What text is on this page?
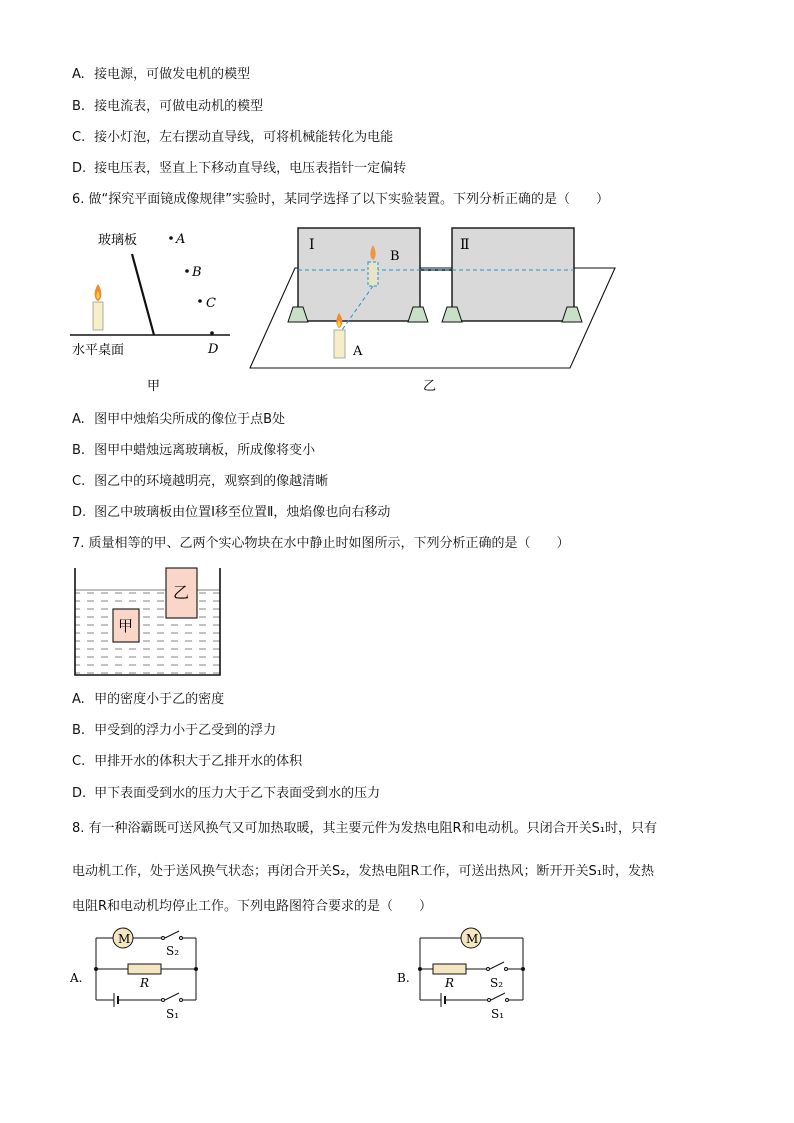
A. 接电源，可做发电机的模型
B. 接电流表，可做电动机的模型
C. 接小灯泡，左右摆动直导线，可将机械能转化为电能
D. 接电压表，竖直上下移动直导线，电压表指针一定偏转
6. 做“探究平面镜成像规律”实验时，某同学选择了以下实验装置。下列分析正确的是（　　）
玻璃板
水平桌面
A
B
C
D
甲
Ⅰ	Ⅱ
B
A
乙
A. 图甲中烛焰尖所成的像位于点B处
B. 图甲中蜡烛远离玻璃板，所成像将变小
C. 图乙中的环境越明亮，观察到的像越清晰
D. 图乙中玻璃板由位置Ⅰ移至位置Ⅱ，烛焰像也向右移动
7. 质量相等的甲、乙两个实心物块在水中静止时如图所示，下列分析正确的是（　　）
乙
甲
A. 甲的密度小于乙的密度
B. 甲受到的浮力小于乙受到的浮力
C. 甲排开水的体积大于乙排开水的体积
D. 甲下表面受到水的压力大于乙下表面受到水的压力
8. 有一种浴霸既可送风换气又可加热取暖，其主要元件为发热电阻R和电动机。只闭合开关S₁时，只有
电动机工作，处于送风换气状态；再闭合开关S₂，发热电阻R工作，可送出热风；断开开关S₁时，发热
电阻R和电动机均停止工作。下列电路图符合要求的是（　　）
A.
M
S₂
R
S₁
B.
M
R	S₂
S₁
